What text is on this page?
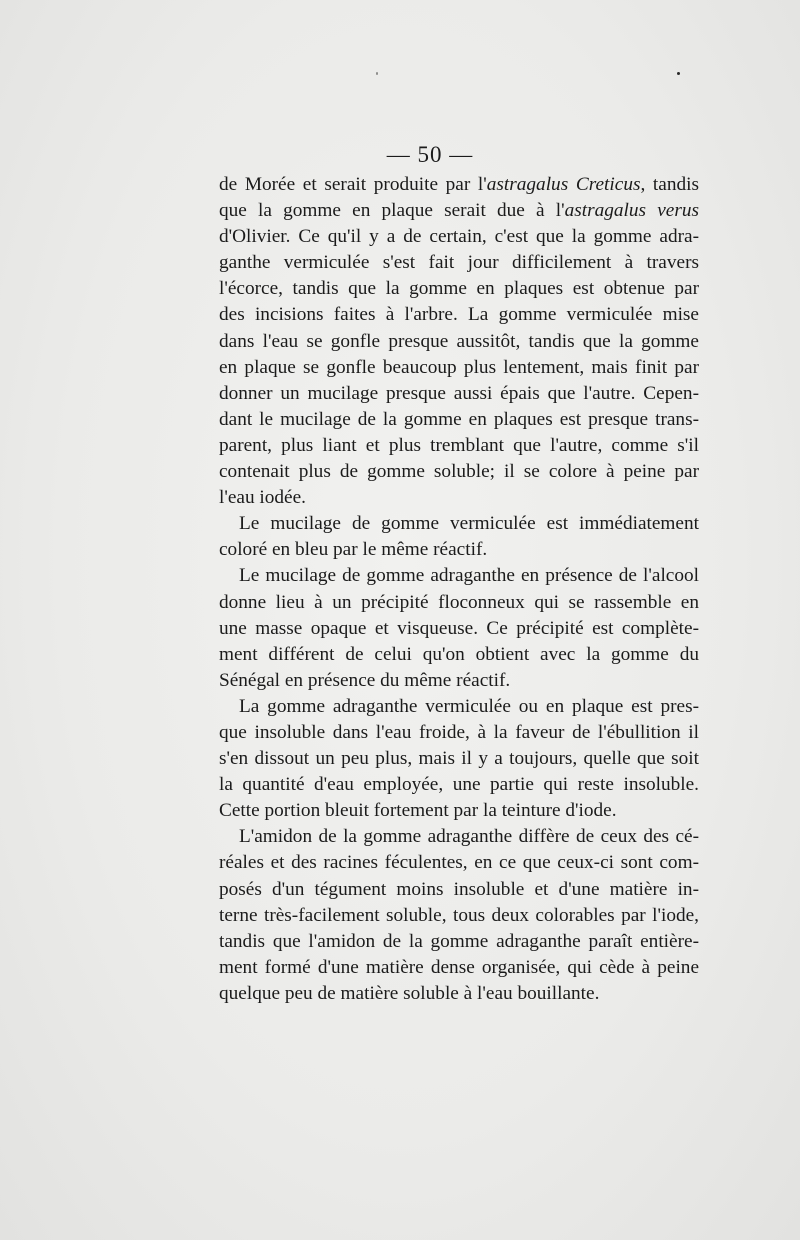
— 50 —

de Morée et serait produite par l'astragalus Creticus, tandis
que la gomme en plaque serait due à l'astragalus verus
d'Olivier. Ce qu'il y a de certain, c'est que la gomme adra-
ganthe vermiculée s'est fait jour difficilement à travers
l'écorce, tandis que la gomme en plaques est obtenue par
des incisions faites à l'arbre. La gomme vermiculée mise
dans l'eau se gonfle presque aussitôt, tandis que la gomme
en plaque se gonfle beaucoup plus lentement, mais finit par
donner un mucilage presque aussi épais que l'autre. Cepen-
dant le mucilage de la gomme en plaques est presque trans-
parent, plus liant et plus tremblant que l'autre, comme s'il
contenait plus de gomme soluble; il se colore à peine par
l'eau iodée.
Le mucilage de gomme vermiculée est immédiatement
coloré en bleu par le même réactif.
Le mucilage de gomme adraganthe en présence de l'alcool
donne lieu à un précipité floconneux qui se rassemble en
une masse opaque et visqueuse. Ce précipité est complète-
ment différent de celui qu'on obtient avec la gomme du
Sénégal en présence du même réactif.
La gomme adraganthe vermiculée ou en plaque est pres-
que insoluble dans l'eau froide, à la faveur de l'ébullition il
s'en dissout un peu plus, mais il y a toujours, quelle que soit
la quantité d'eau employée, une partie qui reste insoluble.
Cette portion bleuit fortement par la teinture d'iode.
L'amidon de la gomme adraganthe diffère de ceux des cé-
réales et des racines féculentes, en ce que ceux-ci sont com-
posés d'un tégument moins insoluble et d'une matière in-
terne très-facilement soluble, tous deux colorables par l'iode,
tandis que l'amidon de la gomme adraganthe paraît entière-
ment formé d'une matière dense organisée, qui cède à peine
quelque peu de matière soluble à l'eau bouillante.
